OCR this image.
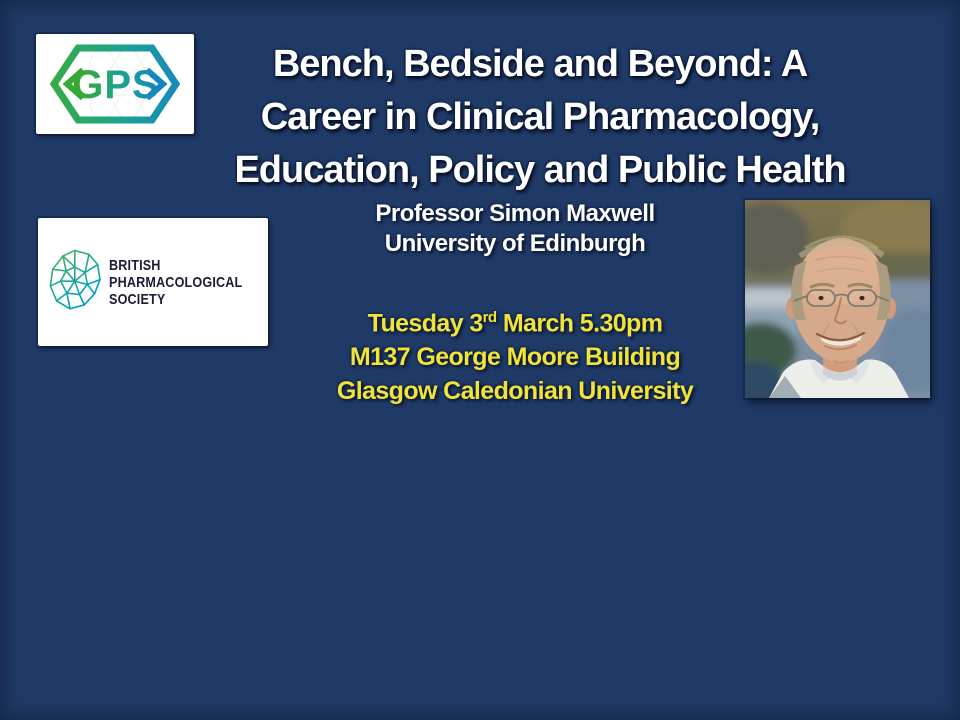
GPS	Bench, Bedside and Beyond: A
Career in Clinical Pharmacology,
Education, Policy and Public Health
Professor Simon Maxwell
University of Edinburgh
Tuesday 3rd March 5.30pm
M137 George Moore Building
Glasgow Caledonian University
BRITISH
PHARMACOLOGICAL
SOCIETY
